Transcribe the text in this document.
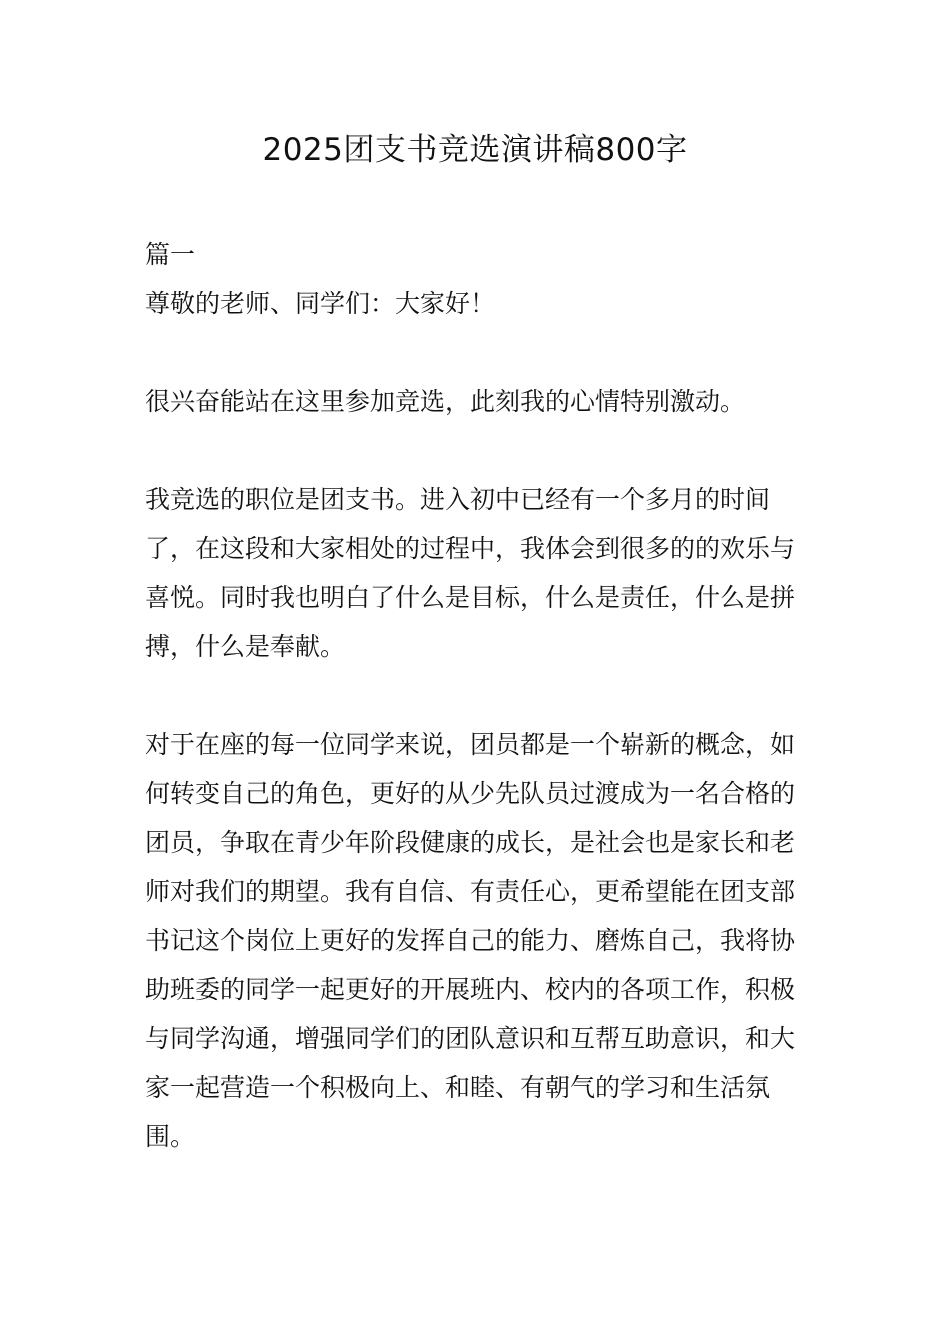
2025团支书竞选演讲稿800字

篇一

尊敬的老师、同学们：大家好！

很兴奋能站在这里参加竞选，此刻我的心情特别激动。

我竞选的职位是团支书。进入初中已经有一个多月的时间了，在这段和大家相处的过程中，我体会到很多的的欢乐与喜悦。同时我也明白了什么是目标，什么是责任，什么是拼搏，什么是奉献。

对于在座的每一位同学来说，团员都是一个崭新的概念，如何转变自己的角色，更好的从少先队员过渡成为一名合格的团员，争取在青少年阶段健康的成长，是社会也是家长和老师对我们的期望。我有自信、有责任心，更希望能在团支部书记这个岗位上更好的发挥自己的能力、磨炼自己，我将协助班委的同学一起更好的开展班内、校内的各项工作，积极与同学沟通，增强同学们的团队意识和互帮互助意识，和大家一起营造一个积极向上、和睦、有朝气的学习和生活氛围。
